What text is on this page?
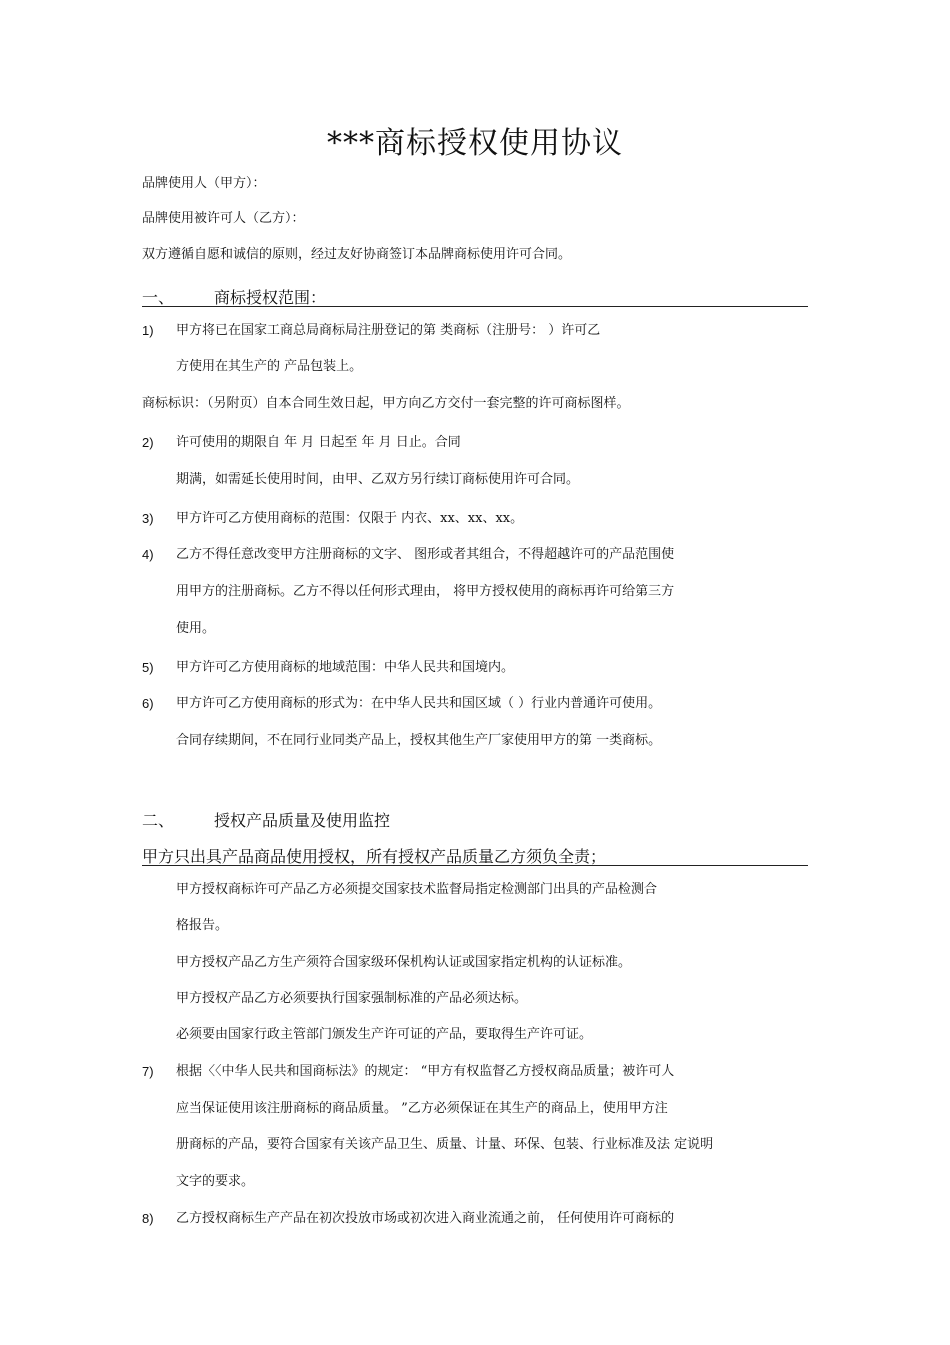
***商标授权使用协议
品牌使用人（甲方）：
品牌使用被许可人（乙方）：
双方遵循自愿和诚信的原则，经过友好协商签订本品牌商标使用许可合同。
一、 商标授权范围：
1) 甲方将已在国家工商总局商标局注册登记的第 类商标（注册号： ）许可乙
方使用在其生产的 产品包装上。
商标标识：（另附页）自本合同生效日起，甲方向乙方交付一套完整的许可商标图样。
2) 许可使用的期限自 年 月 日起至 年 月 日止。合同
期满，如需延长使用时间，由甲、乙双方另行续订商标使用许可合同。
3) 甲方许可乙方使用商标的范围：仅限于 内衣、xx、xx、xx。
4) 乙方不得任意改变甲方注册商标的文字、 图形或者其组合，不得超越许可的产品范围使
用甲方的注册商标。乙方不得以任何形式理由， 将甲方授权使用的商标再许可给第三方
使用。
5) 甲方许可乙方使用商标的地域范围：中华人民共和国境内。
6) 甲方许可乙方使用商标的形式为：在中华人民共和国区域（ ）行业内普通许可使用。
合同存续期间，不在同行业同类产品上，授权其他生产厂家使用甲方的第 一类商标。
二、 授权产品质量及使用监控
甲方只出具产品商品使用授权，所有授权产品质量乙方须负全责；
甲方授权商标许可产品乙方必须提交国家技术监督局指定检测部门出具的产品检测合
格报告。
甲方授权产品乙方生产须符合国家级环保机构认证或国家指定机构的认证标准。
甲方授权产品乙方必须要执行国家强制标准的产品必须达标。
必须要由国家行政主管部门颁发生产许可证的产品，要取得生产许可证。
7) 根据〈〈中华人民共和国商标法》的规定： “甲方有权监督乙方授权商品质量；被许可人
应当保证使用该注册商标的商品质量。 ”乙方必须保证在其生产的商品上，使用甲方注
册商标的产品，要符合国家有关该产品卫生、质量、计量、环保、包装、行业标准及法 定说明
文字的要求。
8) 乙方授权商标生产产品在初次投放市场或初次进入商业流通之前， 任何使用许可商标的
